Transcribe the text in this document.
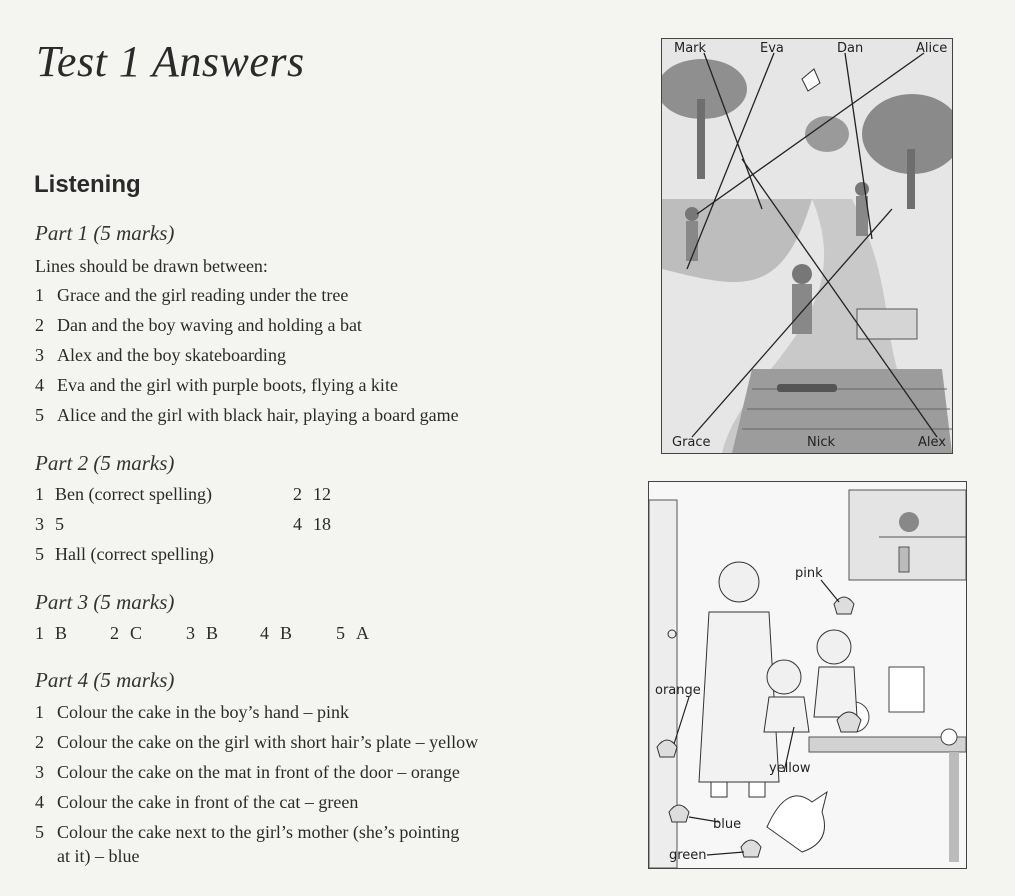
Test 1 Answers
Listening
Part 1 (5 marks)
Lines should be drawn between:
1 Grace and the girl reading under the tree
2 Dan and the boy waving and holding a bat
3 Alex and the boy skateboarding
4 Eva and the girl with purple boots, flying a kite
5 Alice and the girl with black hair, playing a board game
Part 2 (5 marks)
1 Ben (correct spelling)	2 12
3 5	4 18
5 Hall (correct spelling)
Part 3 (5 marks)
1 B 2 C 3 B 4 B 5 A
Part 4 (5 marks)
1 Colour the cake in the boy’s hand – pink
2 Colour the cake on the girl with short hair’s plate – yellow
3 Colour the cake on the mat in front of the door – orange
4 Colour the cake in front of the cat – green
5 Colour the cake next to the girl’s mother (she’s pointing
at it) – blue
Mark	Eva	Dan	Alice
Grace	Nick	Alex
pink
orange
yellow
blue
green
